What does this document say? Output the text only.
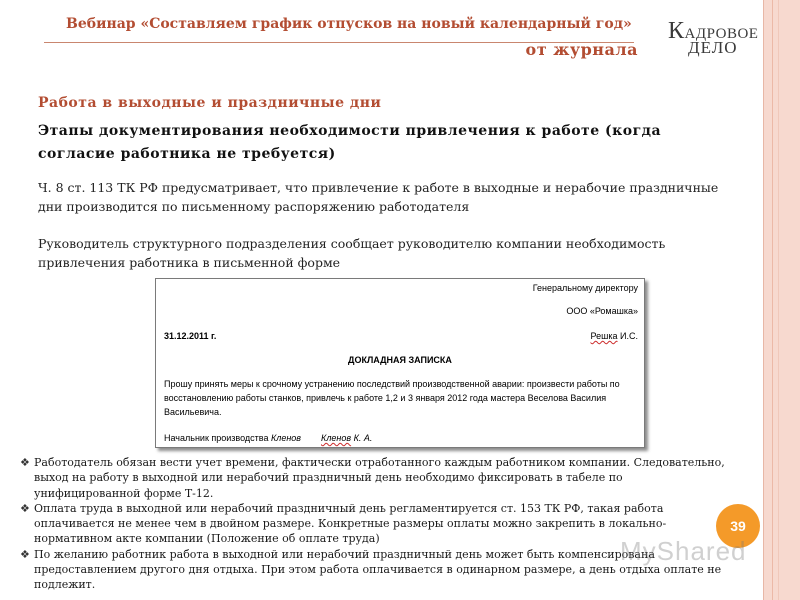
Вебинар «Составляем график отпусков на новый календарный год»
от журнала
КАДРОВОЕ
ДЕЛО
Работа в выходные и праздничные дни
Этапы документирования необходимости привлечения к работе (когда согласие работника не требуется)
Ч. 8 ст. 113 ТК РФ предусматривает, что привлечение к работе в выходные и нерабочие праздничные дни производится по письменному распоряжению работодателя
Руководитель структурного подразделения сообщает руководителю компании необходимость привлечения работника в письменной форме
Генеральному директору
ООО «Ромашка»
31.12.2011 г.	Решка И.С.
ДОКЛАДНАЯ ЗАПИСКА
Прошу принять меры к срочному устранению последствий производственной аварии: произвести работы по восстановлению работы станков, привлечь к работе 1,2 и 3 января 2012 года мастера Веселова Василия Васильевича.
Начальник производства Кленов Кленов К. А.
❖ Работодатель обязан вести учет времени, фактически отработанного каждым работником компании. Следовательно, выход на работу в выходной или нерабочий праздничный день необходимо фиксировать в табеле по унифицированной форме Т-12.
❖ Оплата труда в выходной или нерабочий праздничный день регламентируется ст. 153 ТК РФ, такая работа оплачивается не менее чем в двойном размере. Конкретные размеры оплаты можно закрепить в локально-нормативном акте компании (Положение об оплате труда)
❖ По желанию работник работа в выходной или нерабочий праздничный день может быть компенсирована предоставлением другого дня отдыха. При этом работа оплачивается в одинарном размере, а день отдыха оплате не подлежит.
39
MyShared
